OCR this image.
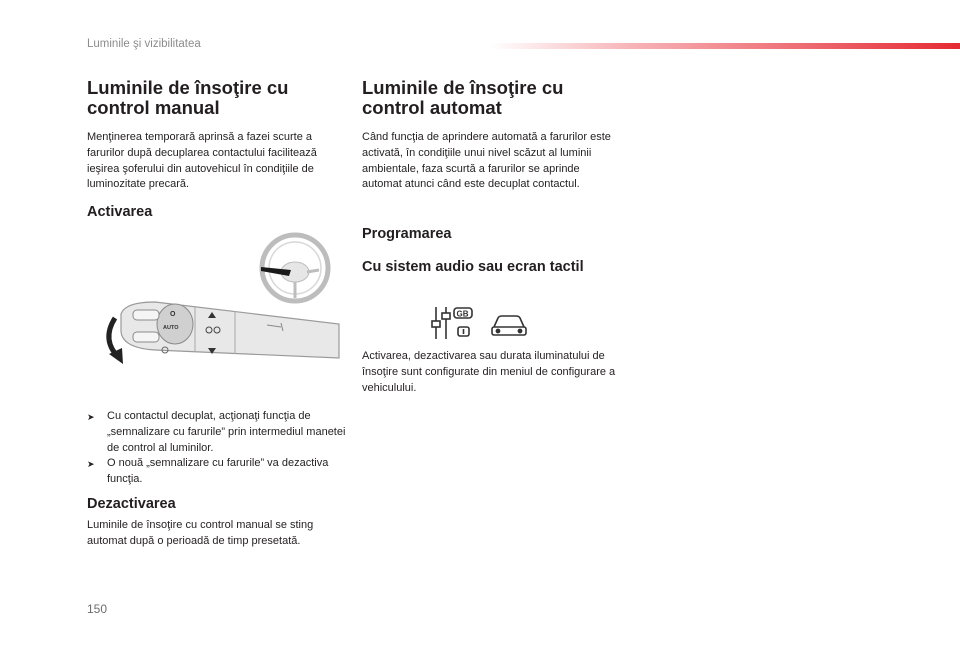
Luminile şi vizibilitatea
Luminile de însoţire cu control manual

Menţinerea temporară aprinsă a fazei scurte a farurilor după decuplarea contactului facilitează ieşirea şoferului din autovehicul în condiţiile de luminozitate precară.

Activarea
O
AUTO
➤	Cu contactul decuplat, acţionaţi funcţia de „semnalizare cu farurile” prin intermediul manetei de control al luminilor.
➤	O nouă „semnalizare cu farurile” va dezactiva funcţia.
Dezactivarea

Luminile de însoţire cu control manual se sting automat după o perioadă de timp presetată.

Luminile de însoţire cu control automat

Când funcţia de aprindere automată a farurilor este activată, în condiţiile unui nivel scăzut al luminii ambientale, faza scurtă a farurilor se aprinde automat atunci când este decuplat contactul.

Programarea
Cu sistem audio sau ecran tactil
GB

Activarea, dezactivarea sau durata iluminatului de însoţire sunt configurate din meniul de configurare a vehiculului.

150
